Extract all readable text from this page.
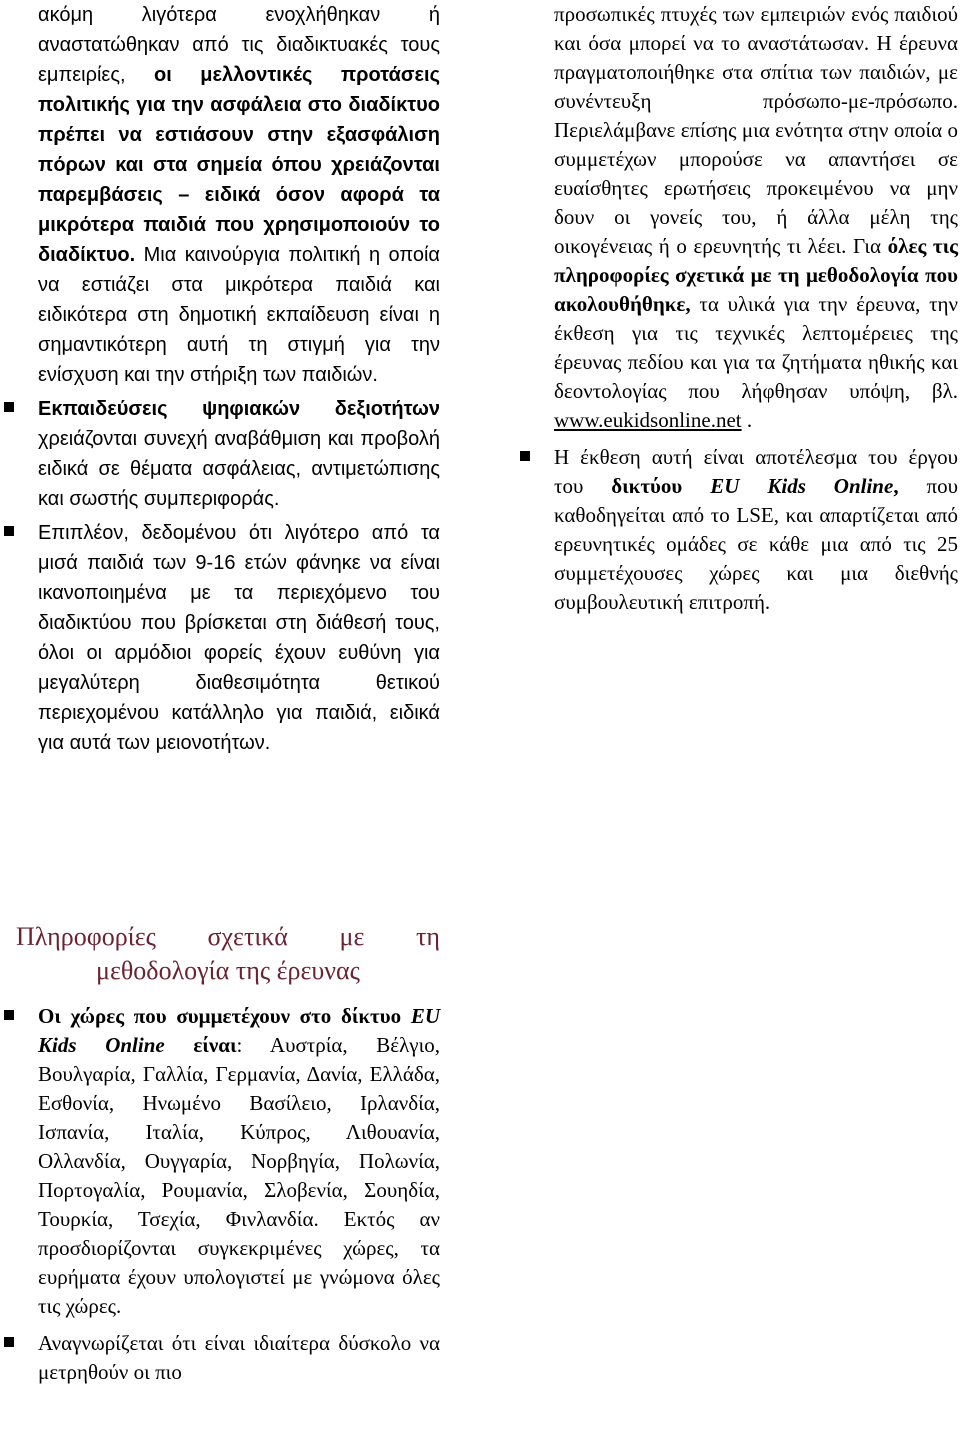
ακόμη λιγότερα ενοχλήθηκαν ή αναστατώθηκαν από τις διαδικτυακές τους εμπειρίες, οι μελλοντικές προτάσεις πολιτικής για την ασφάλεια στο διαδίκτυο πρέπει να εστιάσουν στην εξασφάλιση πόρων και στα σημεία όπου χρειάζονται παρεμβάσεις – ειδικά όσον αφορά τα μικρότερα παιδιά που χρησιμοποιούν το διαδίκτυο. Μια καινούργια πολιτική η οποία να εστιάζει στα μικρότερα παιδιά και ειδικότερα στη δημοτική εκπαίδευση είναι η σημαντικότερη αυτή τη στιγμή για την ενίσχυση και την στήριξη των παιδιών.

Εκπαιδεύσεις ψηφιακών δεξιοτήτων χρειάζονται συνεχή αναβάθμιση και προβολή ειδικά σε θέματα ασφάλειας, αντιμετώπισης και σωστής συμπεριφοράς.

Επιπλέον, δεδομένου ότι λιγότερο από τα μισά παιδιά των 9-16 ετών φάνηκε να είναι ικανοποιημένα με τα περιεχόμενο του διαδικτύου που βρίσκεται στη διάθεσή τους, όλοι οι αρμόδιοι φορείς έχουν ευθύνη για μεγαλύτερη διαθεσιμότητα θετικού περιεχομένου κατάλληλο για παιδιά, ειδικά για αυτά των μειονοτήτων.

προσωπικές πτυχές των εμπειριών ενός παιδιού και όσα μπορεί να το αναστάτωσαν. Η έρευνα πραγματοποιήθηκε στα σπίτια των παιδιών, με συνέντευξη πρόσωπο-με-πρόσωπο. Περιελάμβανε επίσης μια ενότητα στην οποία ο συμμετέχων μπορούσε να απαντήσει σε ευαίσθητες ερωτήσεις προκειμένου να μην δουν οι γονείς του, ή άλλα μέλη της οικογένειας ή ο ερευνητής τι λέει. Για όλες τις πληροφορίες σχετικά με τη μεθοδολογία που ακολουθήθηκε, τα υλικά για την έρευνα, την έκθεση για τις τεχνικές λεπτομέρειες της έρευνας πεδίου και για τα ζητήματα ηθικής και δεοντολογίας που λήφθησαν υπόψη, βλ. www.eukidsonline.net .

Η έκθεση αυτή είναι αποτέλεσμα του έργου του δικτύου EU Kids Online, που καθοδηγείται από το LSE, και απαρτίζεται από ερευνητικές ομάδες σε κάθε μια από τις 25 συμμετέχουσες χώρες και μια διεθνής συμβουλευτική επιτροπή.

Πληροφορίες σχετικά με τη
μεθοδολογία της έρευνας

Οι χώρες που συμμετέχουν στο δίκτυο EU Kids Online είναι: Αυστρία, Βέλγιο, Βουλγαρία, Γαλλία, Γερμανία, Δανία, Ελλάδα, Εσθονία, Ηνωμένο Βασίλειο, Ιρλανδία, Ισπανία, Ιταλία, Κύπρος, Λιθουανία, Ολλανδία, Ουγγαρία, Νορβηγία, Πολωνία, Πορτογαλία, Ρουμανία, Σλοβενία, Σουηδία, Τουρκία, Τσεχία, Φινλανδία. Εκτός αν προσδιορίζονται συγκεκριμένες χώρες, τα ευρήματα έχουν υπολογιστεί με γνώμονα όλες τις χώρες.

Αναγνωρίζεται ότι είναι ιδιαίτερα δύσκολο να μετρηθούν οι πιο
